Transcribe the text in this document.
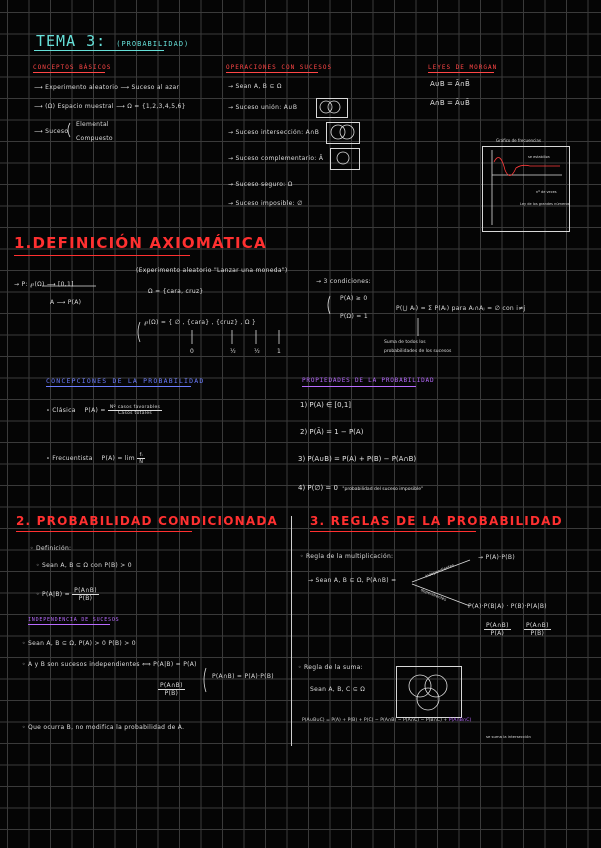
TEMA 3: (PROBABILIDAD)
CONCEPTOS BÁSICOS
⟶ Experimento aleatorio ⟶ Suceso al azar
⟶ (Ω) Espacio muestral ⟶ Ω = {1,2,3,4,5,6}
⟶ Suceso
Elemental
Compuesto
OPERACIONES CON SUCESOS
→ Sean A, B ⊆ Ω
→ Suceso unión: A∪B
→ Suceso intersección: A∩B
→ Suceso complementario: Ā
→ Suceso seguro: Ω
→ Suceso imposible: ∅
LEYES DE MORGAN
A∪B = Ā∩B̄
A∩B = Ā∪B̄
Gráfico de frecuencias
se estabiliza
nº de veces
Ley de los grandes números
1.DEFINICIÓN AXIOMÁTICA
→ P: ℘(Ω) ⟶ [0,1]
A ⟶ P(A)
(Experimento aleatorio "Lanzar una moneda")
Ω = {cara, cruz}
℘(Ω) = { ∅ , {cara} , {cruz} , Ω }
0	½	½	1
→ 3 condiciones:
P(A) ≥ 0
P(Ω) = 1
P(⋃ Aᵢ) = Σ P(Aᵢ) para Aᵢ∩Aⱼ = ∅ con i≠j
Suma de todos los probabilidades de los sucesos
CONCEPCIONES DE LA PROBABILIDAD
∘ Clásica $P(A) = \frac{\text{Nº casos favorables}}{\text{Casos totales}}$
∘ Frecuentista $P(A) = \lim \frac{\text{fᵢ}}{N}$
PROPIEDADES DE LA PROBABILIDAD
1) P(A) ∈ [0,1]
2) P(Ā) = 1 − P(A)
3) P(A∪B) = P(A) + P(B) − P(A∩B)
4) P(∅) = 0 "probabilidad del suceso imposible"
2. PROBABILIDAD CONDICIONADA
◦ Definición:
◦ Sean A, B ⊆ Ω con P(B) > 0
◦ $P(A|B) = \frac{P(A\cap B)}{P(B)}$
INDEPENDENCIA DE SUCESOS
◦ Sean A, B ⊆ Ω, P(A) > 0 P(B) > 0
◦ A y B son sucesos independientes ⟺ P(A|B) = P(A)
$\frac{P(A\cap B)}{P(B)}$
P(A∩B) = P(A)·P(B)
◦ Que ocurra B, no modifica la probabilidad de A.
3. REGLAS DE LA PROBABILIDAD
◦ Regla de la multiplicación:
→ Sean A, B ⊆ Ω, P(A∩B) =
independientes
dependientes
→ P(A)·P(B)
P(A)·P(B|A) · P(B)·P(A|B)
$\frac{P(A\cap B)}{P(A)} \frac{P(A\cap B)}{P(B)}$
◦ Regla de la suma:
Sean A, B, C ⊆ Ω
P(A∪B∪C) = P(A) + P(B) + P(C) − P(A∩B) − P(A∩C) − P(B∩C) + P(A∩B∩C)
se suma la intersección
